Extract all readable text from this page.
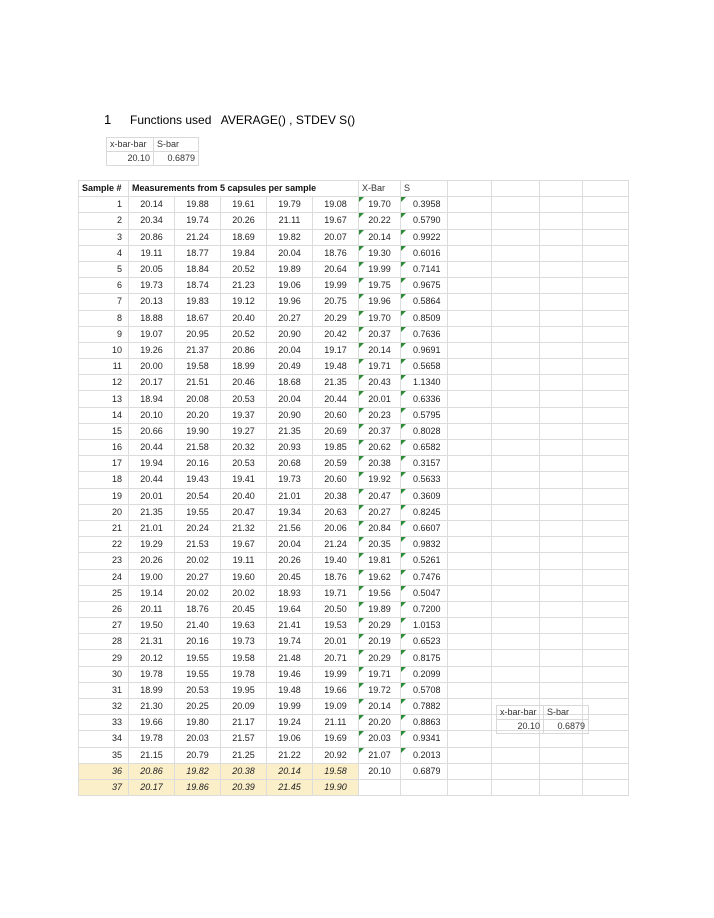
1 Functions used   AVERAGE() , STDEV S()
x-bar-bar	S-bar
20.10	0.6879
Sample #	Measurements from 5 capsules per sample					X-Bar	S				
1	20.14	19.88	19.61	19.79	19.08	19.70	0.3958				
2	20.34	19.74	20.26	21.11	19.67	20.22	0.5790				
3	20.86	21.24	18.69	19.82	20.07	20.14	0.9922				
4	19.11	18.77	19.84	20.04	18.76	19.30	0.6016				
5	20.05	18.84	20.52	19.89	20.64	19.99	0.7141				
6	19.73	18.74	21.23	19.06	19.99	19.75	0.9675				
7	20.13	19.83	19.12	19.96	20.75	19.96	0.5864				
8	18.88	18.67	20.40	20.27	20.29	19.70	0.8509				
9	19.07	20.95	20.52	20.90	20.42	20.37	0.7636				
10	19.26	21.37	20.86	20.04	19.17	20.14	0.9691				
11	20.00	19.58	18.99	20.49	19.48	19.71	0.5658				
12	20.17	21.51	20.46	18.68	21.35	20.43	1.1340				
13	18.94	20.08	20.53	20.04	20.44	20.01	0.6336				
14	20.10	20.20	19.37	20.90	20.60	20.23	0.5795				
15	20.66	19.90	19.27	21.35	20.69	20.37	0.8028				
16	20.44	21.58	20.32	20.93	19.85	20.62	0.6582				
17	19.94	20.16	20.53	20.68	20.59	20.38	0.3157				
18	20.44	19.43	19.41	19.73	20.60	19.92	0.5633				
19	20.01	20.54	20.40	21.01	20.38	20.47	0.3609				
20	21.35	19.55	20.47	19.34	20.63	20.27	0.8245				
21	21.01	20.24	21.32	21.56	20.06	20.84	0.6607				
22	19.29	21.53	19.67	20.04	21.24	20.35	0.9832				
23	20.26	20.02	19.11	20.26	19.40	19.81	0.5261				
24	19.00	20.27	19.60	20.45	18.76	19.62	0.7476				
25	19.14	20.02	20.02	18.93	19.71	19.56	0.5047				
26	20.11	18.76	20.45	19.64	20.50	19.89	0.7200				
27	19.50	21.40	19.63	21.41	19.53	20.29	1.0153				
28	21.31	20.16	19.73	19.74	20.01	20.19	0.6523				
29	20.12	19.55	19.58	21.48	20.71	20.29	0.8175				
30	19.78	19.55	19.78	19.46	19.99	19.71	0.2099				
31	18.99	20.53	19.95	19.48	19.66	19.72	0.5708				
32	21.30	20.25	20.09	19.99	19.09	20.14	0.7882				
33	19.66	19.80	21.17	19.24	21.11	20.20	0.8863				
34	19.78	20.03	21.57	19.06	19.69	20.03	0.9341				
35	21.15	20.79	21.25	21.22	20.92	21.07	0.2013				
36	20.86	19.82	20.38	20.14	19.58	20.10	0.6879				
37	20.17	19.86	20.39	21.45	19.90						
x-bar-bar	S-bar
20.10	0.6879
